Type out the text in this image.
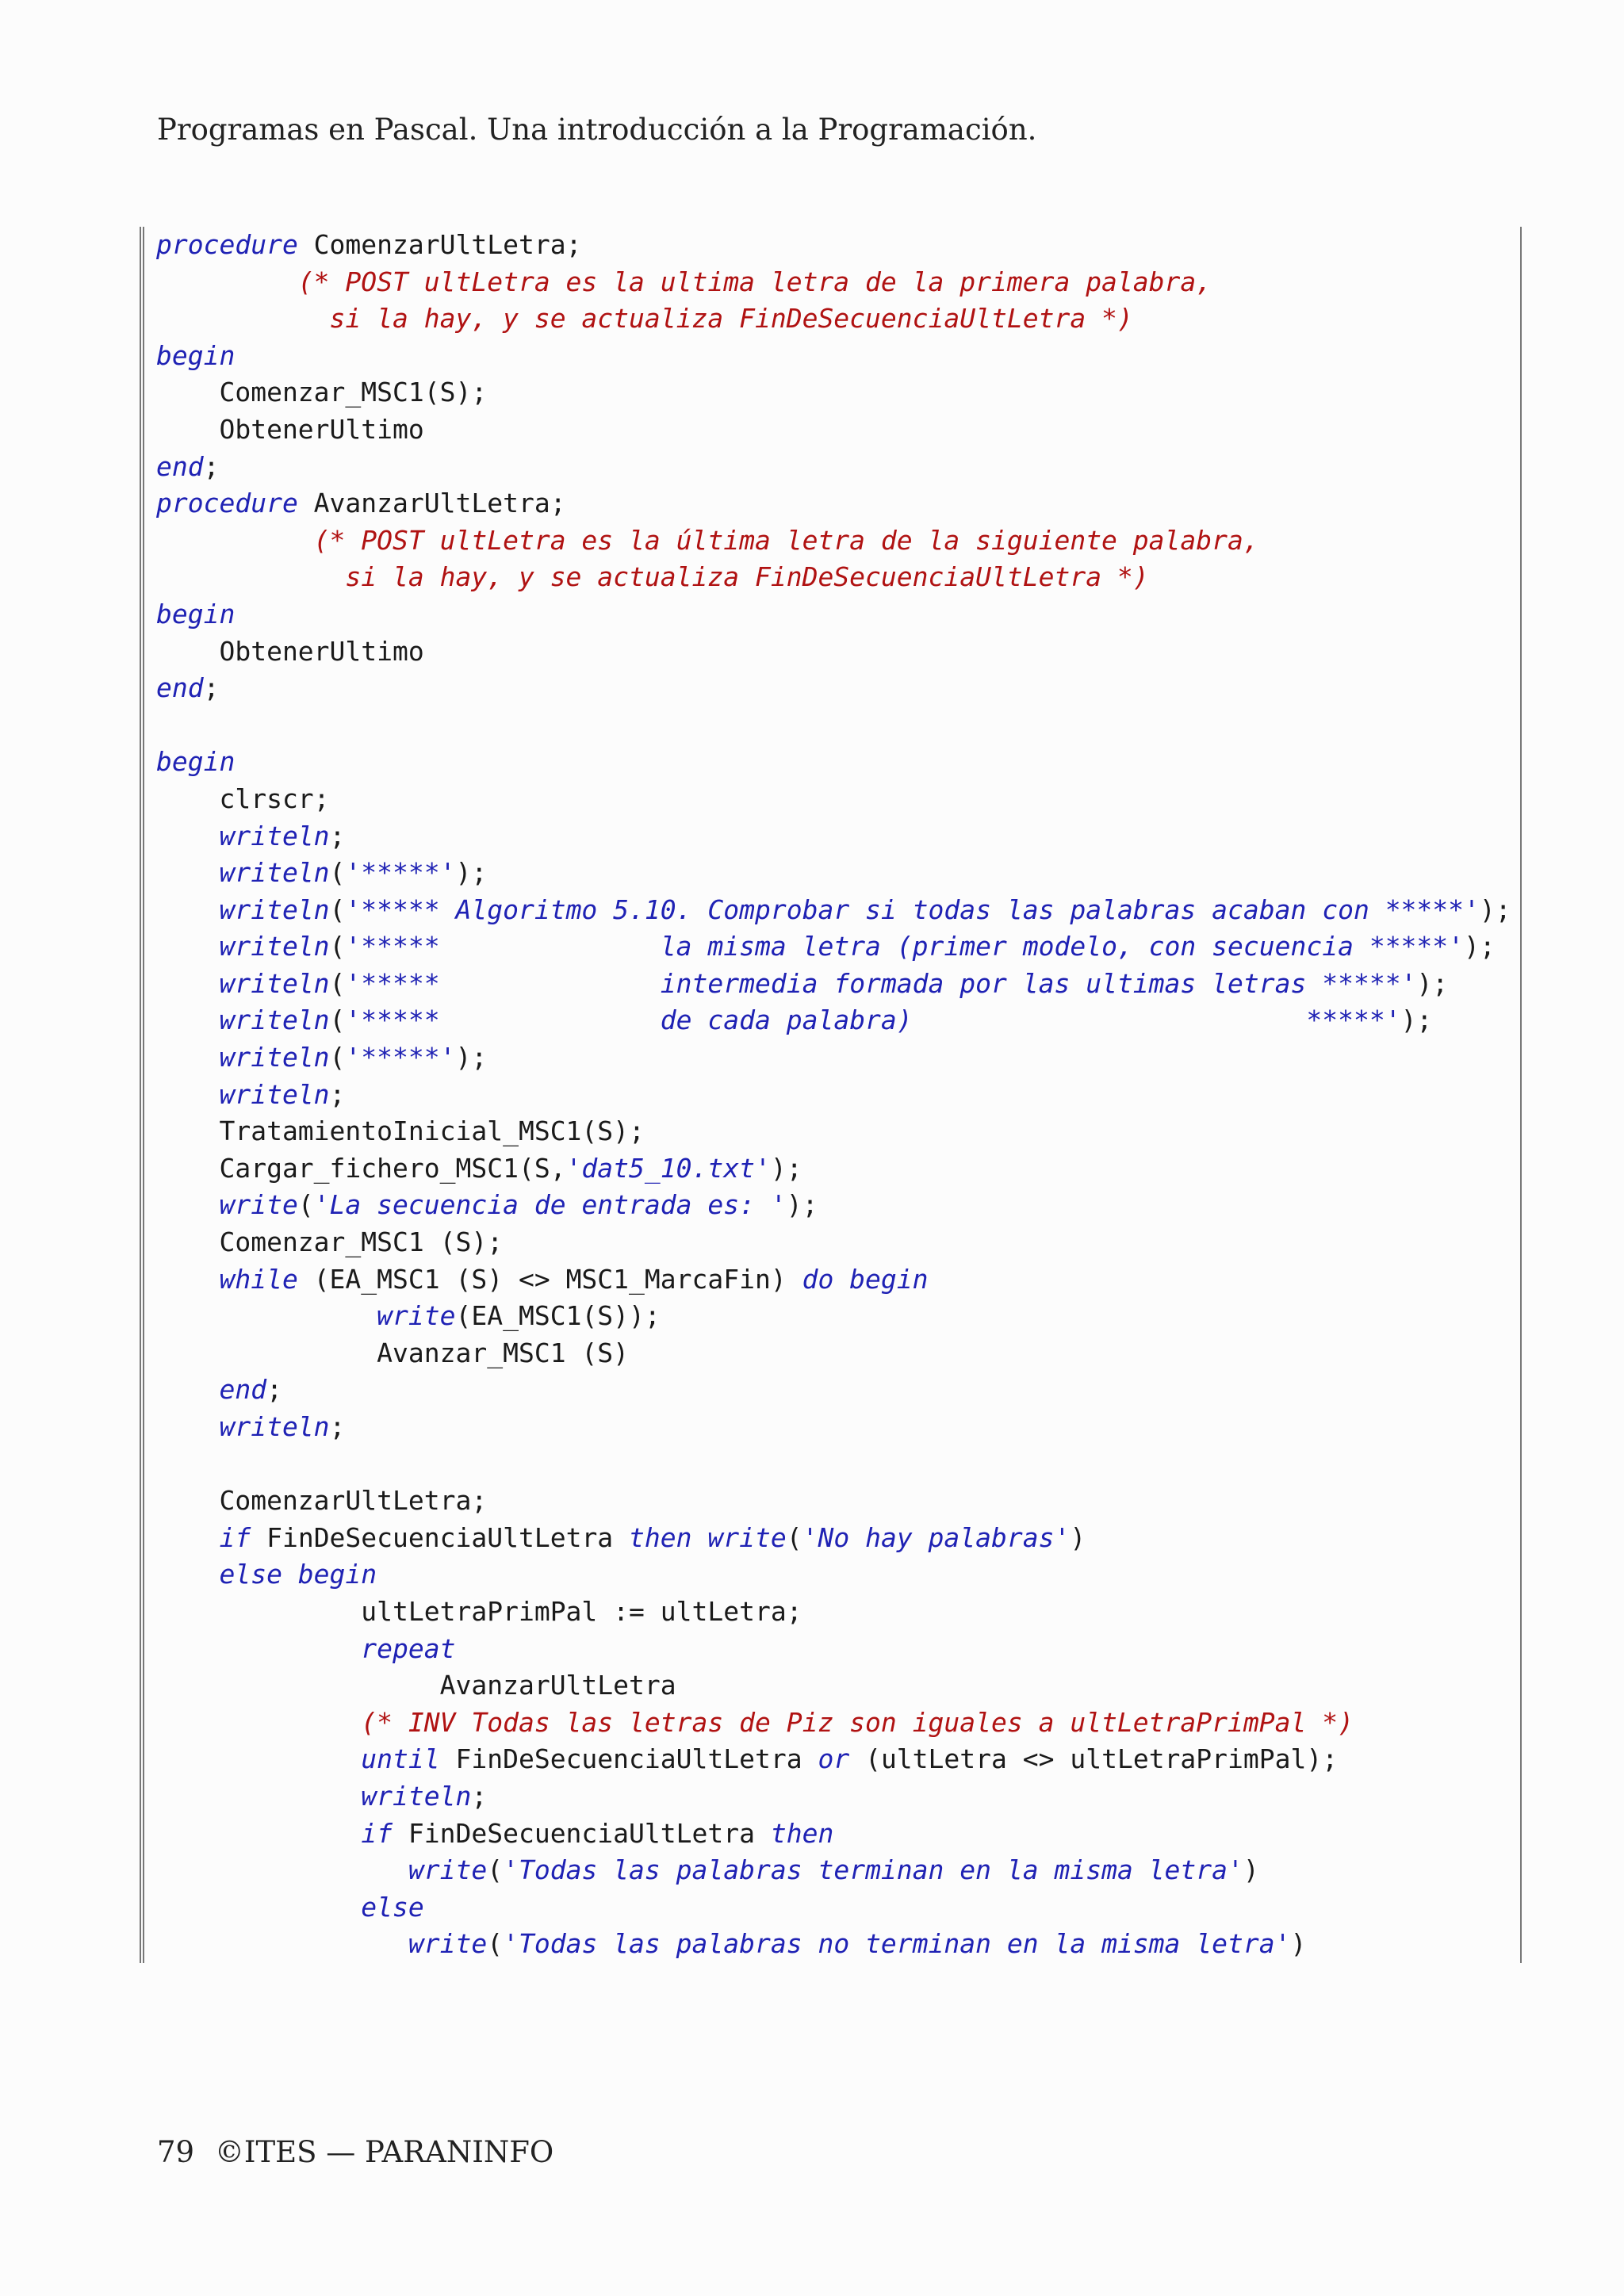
Programas en Pascal. Una introducción a la Programación.
procedure ComenzarUltLetra;
(* POST ultLetra es la ultima letra de la primera palabra,
si la hay, y se actualiza FinDeSecuenciaUltLetra *)
begin
Comenzar_MSC1(S);
ObtenerUltimo
end;
procedure AvanzarUltLetra;
(* POST ultLetra es la última letra de la siguiente palabra,
si la hay, y se actualiza FinDeSecuenciaUltLetra *)
begin
ObtenerUltimo
end;

begin
clrscr;
writeln;
writeln('*****');
writeln('***** Algoritmo 5.10. Comprobar si todas las palabras acaban con *****');
writeln('*****              la misma letra (primer modelo, con secuencia *****');
writeln('*****              intermedia formada por las ultimas letras *****');
writeln('*****              de cada palabra)                         *****');
writeln('*****');
writeln;
TratamientoInicial_MSC1(S);
Cargar_fichero_MSC1(S,'dat5_10.txt');
write('La secuencia de entrada es: ');
Comenzar_MSC1 (S);
while (EA_MSC1 (S) <> MSC1_MarcaFin) do begin
write(EA_MSC1(S));
Avanzar_MSC1 (S)
end;
writeln;

ComenzarUltLetra;
if FinDeSecuenciaUltLetra then write('No hay palabras')
else begin
ultLetraPrimPal := ultLetra;
repeat
AvanzarUltLetra
(* INV Todas las letras de Piz son iguales a ultLetraPrimPal *)
until FinDeSecuenciaUltLetra or (ultLetra <> ultLetraPrimPal);
writeln;
if FinDeSecuenciaUltLetra then
write('Todas las palabras terminan en la misma letra')
else
write('Todas las palabras no terminan en la misma letra')
79 ©ITES — PARANINFO
